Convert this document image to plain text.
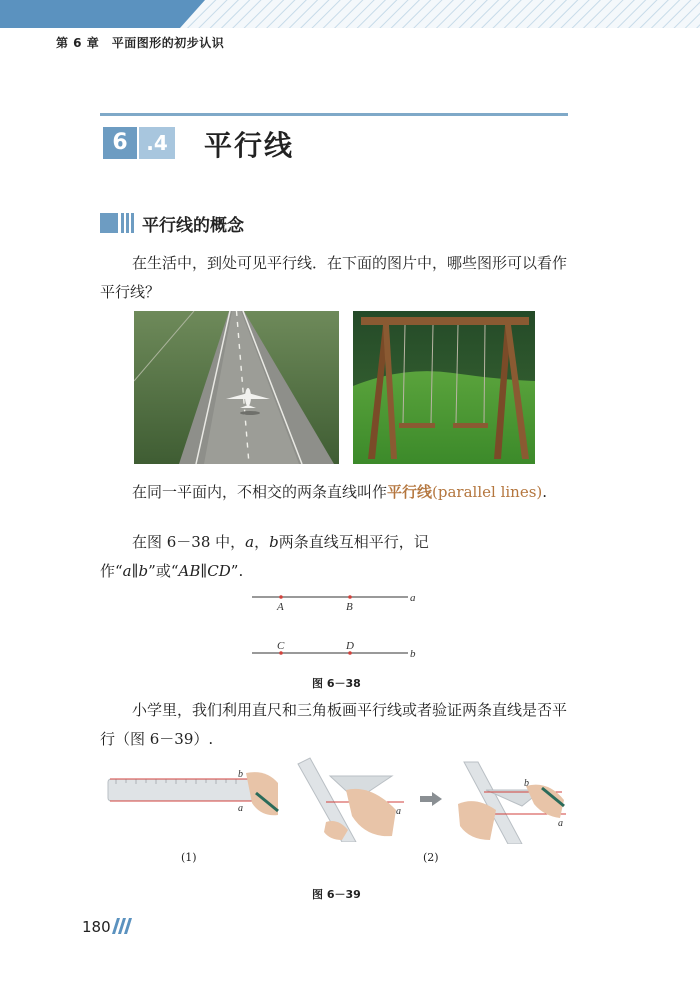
第 6 章　平面图形的初步认识
6 .4 平行线
平行线的概念
在生活中，到处可见平行线．在下面的图片中，哪些图形可以看作平行线？
在同一平面内，不相交的两条直线叫作平行线(parallel lines).
在图 6－38 中，a，b两条直线互相平行，记作“a∥b”或“AB∥CD”.
A	B
C	D
a
b
图 6－38
小学里，我们利用直尺和三角板画平行线或者验证两条直线是否平行（图 6－39）.
b
a	a
b
a
(1)	(2)
图 6－39
180
